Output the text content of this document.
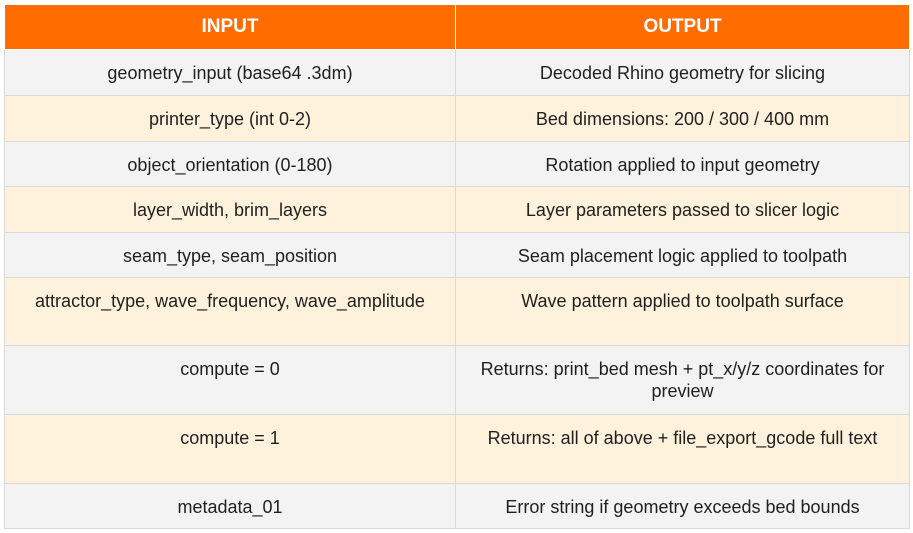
INPUT	OUTPUT
geometry_input (base64 .3dm)	Decoded Rhino geometry for slicing
printer_type (int 0-2)	Bed dimensions: 200 / 300 / 400 mm
object_orientation (0-180)	Rotation applied to input geometry
layer_width, brim_layers	Layer parameters passed to slicer logic
seam_type, seam_position	Seam placement logic applied to toolpath
attractor_type, wave_frequency, wave_amplitude	Wave pattern applied to toolpath surface
compute = 0	Returns: print_bed mesh + pt_x/y/z coordinates for preview
compute = 1	Returns: all of above + file_export_gcode full text
metadata_01	Error string if geometry exceeds bed bounds
